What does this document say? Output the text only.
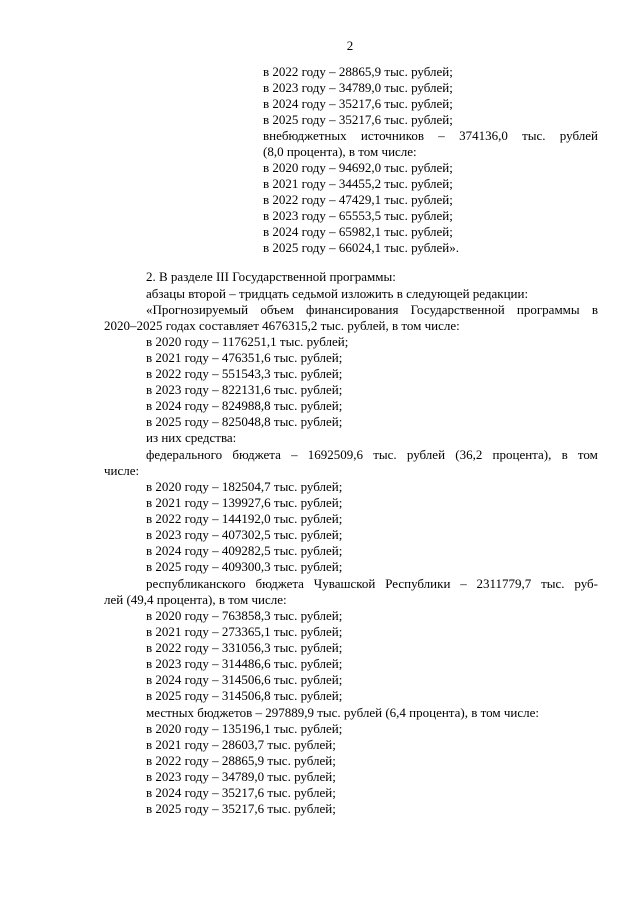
2
в 2022 году – 28865,9 тыс. рублей;
в 2023 году – 34789,0 тыс. рублей;
в 2024 году – 35217,6 тыс. рублей;
в 2025 году – 35217,6 тыс. рублей;
внебюджетных источников – 374136,0 тыс. рублей
(8,0 процента), в том числе:
в 2020 году – 94692,0 тыс. рублей;
в 2021 году – 34455,2 тыс. рублей;
в 2022 году – 47429,1 тыс. рублей;
в 2023 году – 65553,5 тыс. рублей;
в 2024 году – 65982,1 тыс. рублей;
в 2025 году – 66024,1 тыс. рублей».
2. В разделе III Государственной программы:
абзацы второй – тридцать седьмой изложить в следующей редакции:
«Прогнозируемый объем финансирования Государственной программы в
2020–2025 годах составляет 4676315,2 тыс. рублей, в том числе:
в 2020 году – 1176251,1 тыс. рублей;
в 2021 году – 476351,6 тыс. рублей;
в 2022 году – 551543,3 тыс. рублей;
в 2023 году – 822131,6 тыс. рублей;
в 2024 году – 824988,8 тыс. рублей;
в 2025 году – 825048,8 тыс. рублей;
из них средства:
федерального бюджета – 1692509,6 тыс. рублей (36,2 процента), в том
числе:
в 2020 году – 182504,7 тыс. рублей;
в 2021 году – 139927,6 тыс. рублей;
в 2022 году – 144192,0 тыс. рублей;
в 2023 году – 407302,5 тыс. рублей;
в 2024 году – 409282,5 тыс. рублей;
в 2025 году – 409300,3 тыс. рублей;
республиканского бюджета Чувашской Республики – 2311779,7 тыс. руб-
лей (49,4 процента), в том числе:
в 2020 году – 763858,3 тыс. рублей;
в 2021 году – 273365,1 тыс. рублей;
в 2022 году – 331056,3 тыс. рублей;
в 2023 году – 314486,6 тыс. рублей;
в 2024 году – 314506,6 тыс. рублей;
в 2025 году – 314506,8 тыс. рублей;
местных бюджетов – 297889,9 тыс. рублей (6,4 процента), в том числе:
в 2020 году – 135196,1 тыс. рублей;
в 2021 году – 28603,7 тыс. рублей;
в 2022 году – 28865,9 тыс. рублей;
в 2023 году – 34789,0 тыс. рублей;
в 2024 году – 35217,6 тыс. рублей;
в 2025 году – 35217,6 тыс. рублей;
